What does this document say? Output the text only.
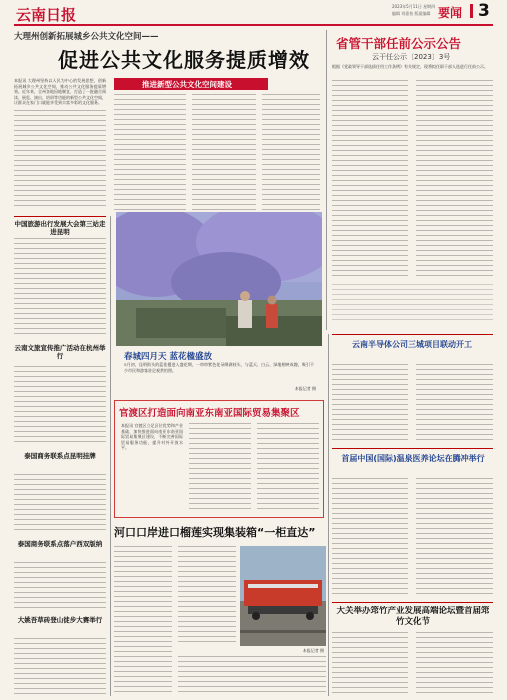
云南日报	2023年5月11日 星期四
编辑 刘嘉怡 版面编辑 要闻 3
大理州创新拓展城乡公共文化空间——
促进公共文化服务提质增效
推进新型公共文化空间建设
本报讯 大理州坚持以人民为中心的发展思想，创新拓展城乡公共文化空间，推动公共文化服务提质增效。近年来，全州各地因地制宜，打造了一批融合阅读、展览、演出、培训等功能的新型公共文化空间，让群众在家门口就能享受到丰富多彩的文化服务。
省管干部任前公示公告
云干任公示〔2023〕3号
根据《党政领导干部选拔任用工作条例》有关规定，现将拟任职干部人选进行任前公示。
中国旅游出行发展大会第三站走进昆明
云南文旅宣传推广活动在杭州举行
泰国商务联系点昆明挂牌
泰国商务联系点落户西双版纳
大姚吾草砖登山徒步大赛举行
春城四月天 蓝花楹盛放
5月初，昆明街头的蓝花楹进入盛花期，一串串紫色花朵缀满枝头，与蓝天、白云、绿地相映成趣，吸引不少市民和游客驻足观赏拍照。
本报记者 摄
云南半导体公司三城项目联动开工
首届中国(国际)温泉医养论坛在腾冲举行
官渡区打造面向南亚东南亚国际贸易集聚区
本报讯 官渡区立足区位优势和产业基础，加快推进面向南亚东南亚国际贸易集聚区建设，不断完善国际贸易服务功能，提升对外开放水平。
河口口岸进口榴莲实现集装箱“一柜直达”
本报记者 摄
大关举办筇竹产业发展高端论坛暨首届筇竹文化节
